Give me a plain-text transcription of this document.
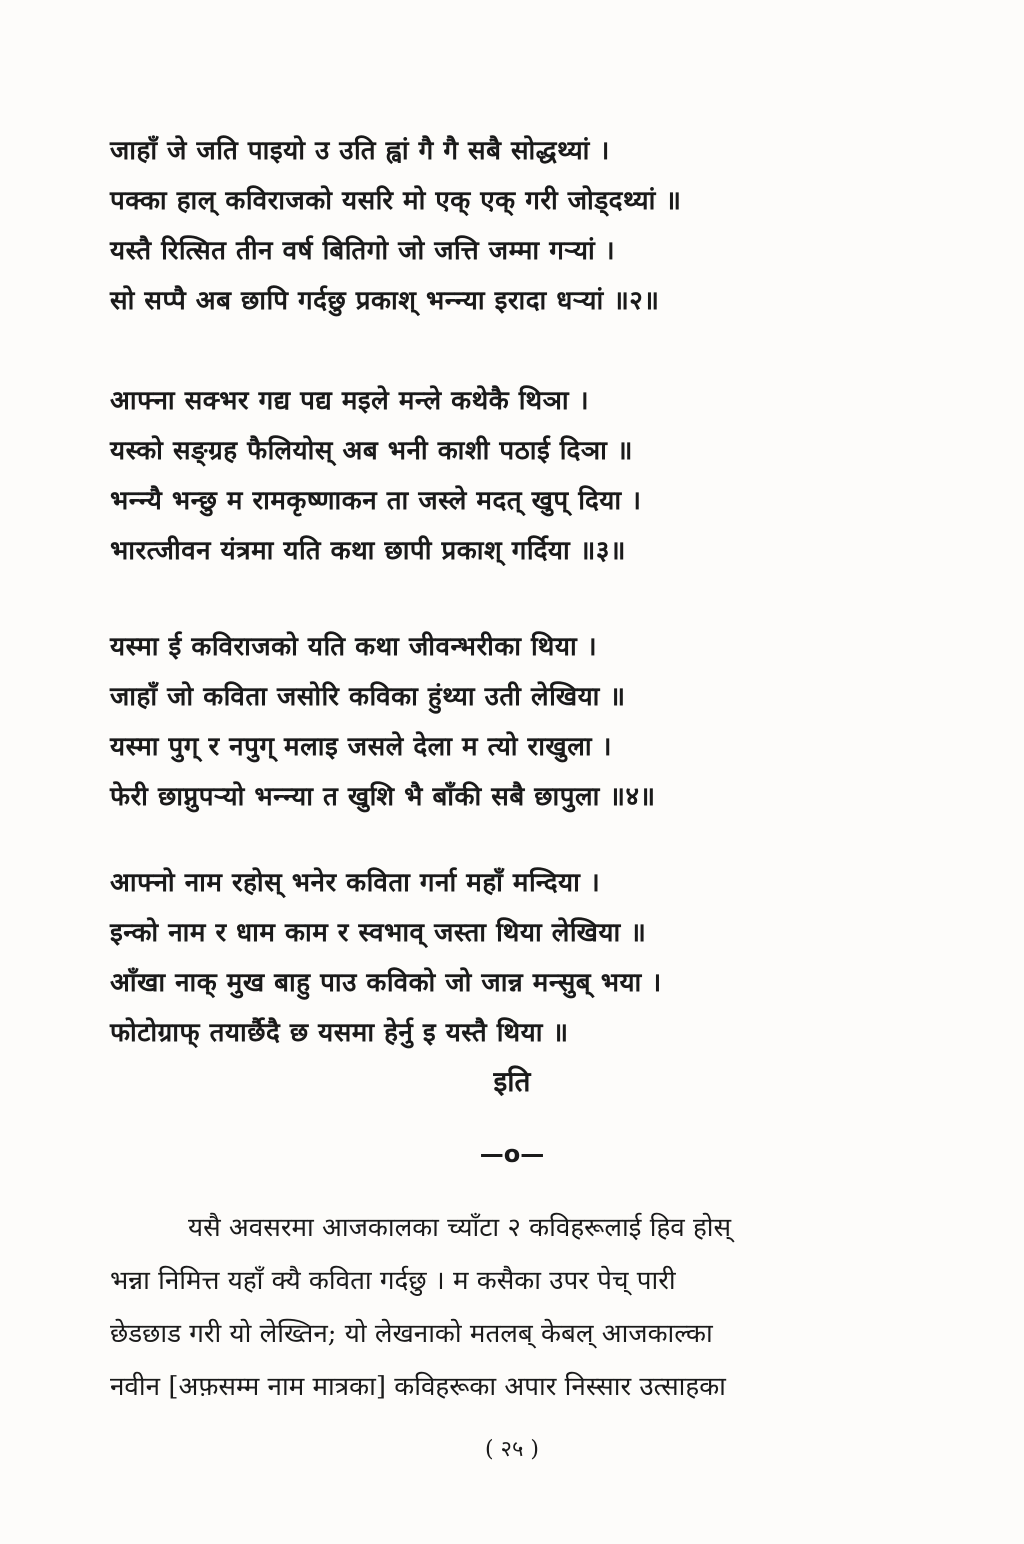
जाहाँ जे जति पाइयो उ उति ह्वां गै गै सबै सोद्धथ्यां ।
पक्का हाल् कविराजको यसरि मो एक् एक् गरी जोड्दथ्यां ॥
यस्तै रित्सित तीन वर्ष बितिगो जो जत्ति जम्मा गऱ्यां ।
सो सप्पै अब छापि गर्दछु प्रकाश् भन्न्या इरादा धऱ्यां ॥२॥
आफ्ना सक्भर गद्य पद्य मइले मन्ले कथेकै थिञा ।
यस्को सङ्ग्रह फैलियोस् अब भनी काशी पठाई दिञा ॥
भन्न्यै भन्छु म रामकृष्णाकन ता जस्ले मदत् खुप् दिया ।
भारत्जीवन यंत्रमा यति कथा छापी प्रकाश् गर्दिया ॥३॥
यस्मा ई कविराजको यति कथा जीवन्भरीका थिया ।
जाहाँ जो कविता जसोरि कविका हुंथ्या उती लेखिया ॥
यस्मा पुग् र नपुग् मलाइ जसले देला म त्यो राखुला ।
फेरी छाप्नुपऱ्यो भन्न्या त खुशि भै बाँकी सबै छापुला ॥४॥
आफ्नो नाम रहोस् भनेर कविता गर्ना महाँ मन्दिया ।
इन्को नाम र धाम काम र स्वभाव् जस्ता थिया लेखिया ॥
आँखा नाक् मुख बाहु पाउ कविको जो जान्न मन्सुब् भया ।
फोटोग्राफ् तयार्छैदै छ यसमा हेर्नु इ यस्तै थिया ॥
इति
—o—
यसै अवसरमा आजकालका च्याँटा २ कविहरूलाई हिव होस्
भन्ना निमित्त यहाँ क्यै कविता गर्दछु । म कसैका उपर पेच् पारी
छेडछाड गरी यो लेख्तिन; यो लेखनाको मतलब् केबल् आजकाल्का
नवीन [अफ़सम्म नाम मात्रका] कविहरूका अपार निस्सार उत्साहका
( २५ )
